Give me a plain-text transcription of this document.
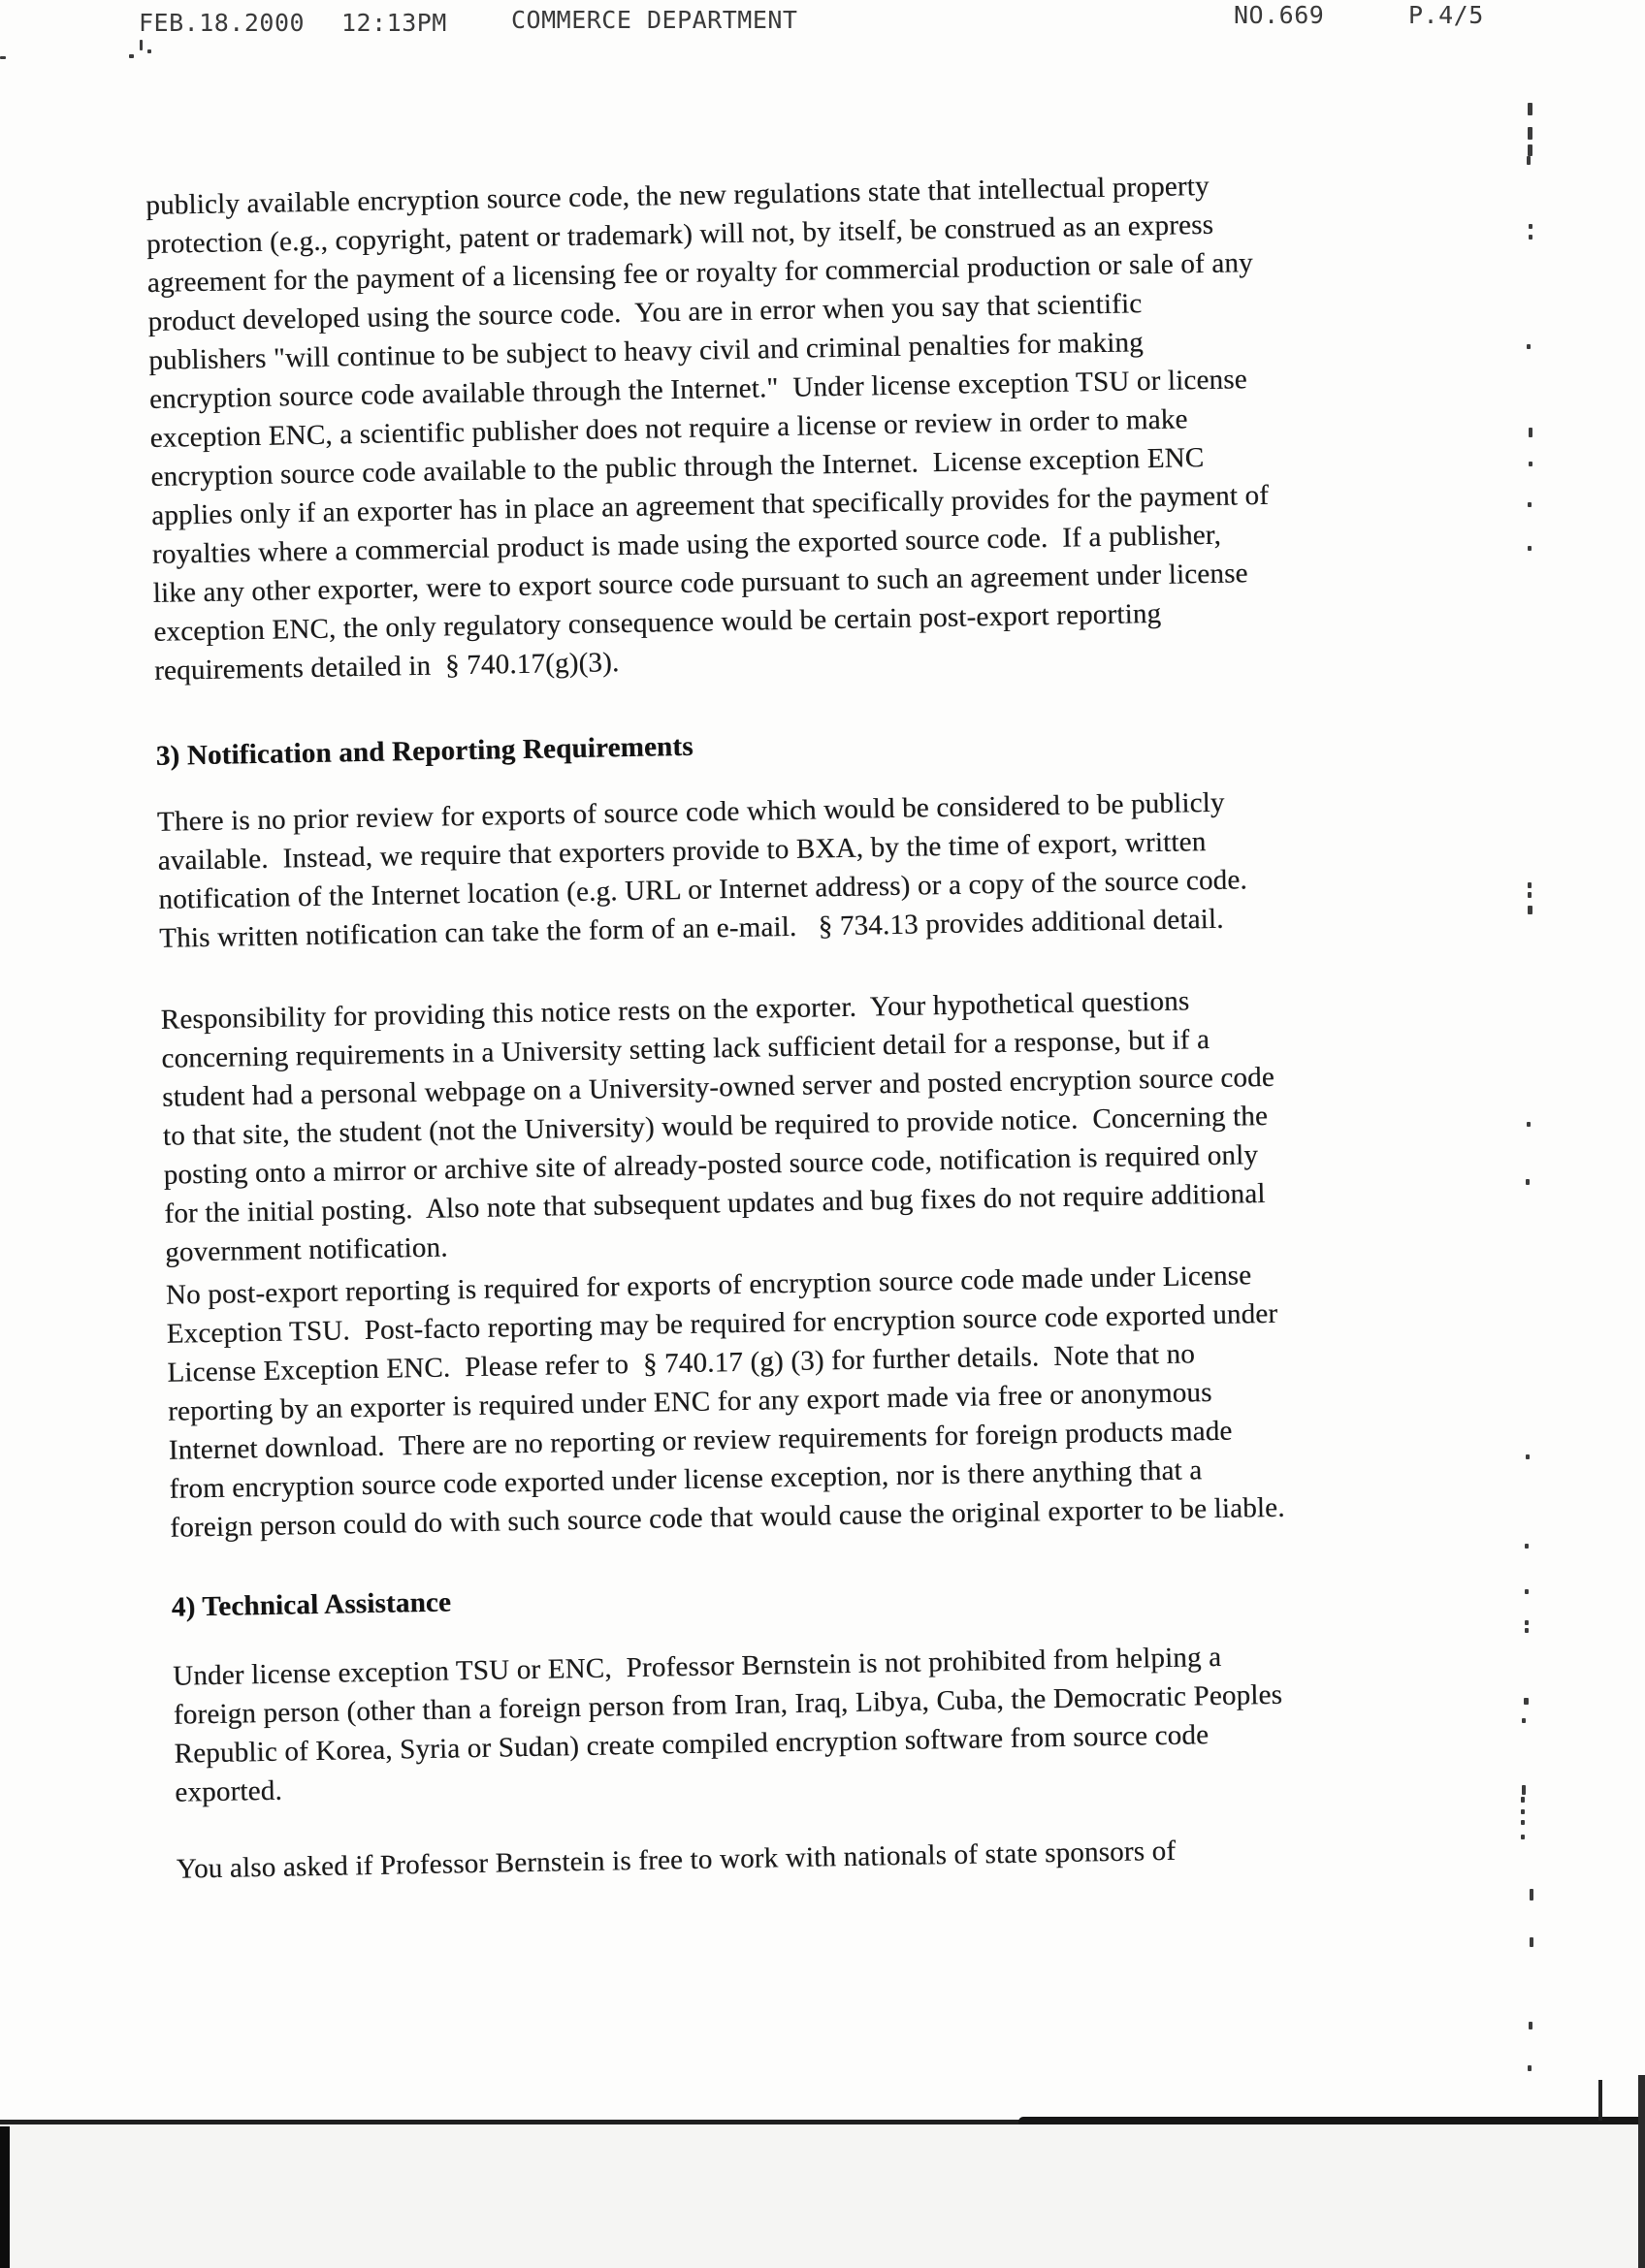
FEB.18.2000 12:13PM	COMMERCE DEPARTMENT	NO.669	P.4/5

publicly available encryption source code, the new regulations state that intellectual property
protection (e.g., copyright, patent or trademark) will not, by itself, be construed as an express
agreement for the payment of a licensing fee or royalty for commercial production or sale of any
product developed using the source code.  You are in error when you say that scientific
publishers "will continue to be subject to heavy civil and criminal penalties for making
encryption source code available through the Internet."  Under license exception TSU or license
exception ENC, a scientific publisher does not require a license or review in order to make
encryption source code available to the public through the Internet.  License exception ENC
applies only if an exporter has in place an agreement that specifically provides for the payment of
royalties where a commercial product is made using the exported source code.  If a publisher,
like any other exporter, were to export source code pursuant to such an agreement under license
exception ENC, the only regulatory consequence would be certain post-export reporting
requirements detailed in  § 740.17(g)(3).

3) Notification and Reporting Requirements

There is no prior review for exports of source code which would be considered to be publicly
available.  Instead, we require that exporters provide to BXA, by the time of export, written
notification of the Internet location (e.g. URL or Internet address) or a copy of the source code.
This written notification can take the form of an e-mail.   § 734.13 provides additional detail.

Responsibility for providing this notice rests on the exporter.  Your hypothetical questions
concerning requirements in a University setting lack sufficient detail for a response, but if a
student had a personal webpage on a University-owned server and posted encryption source code
to that site, the student (not the University) would be required to provide notice.  Concerning the
posting onto a mirror or archive site of already-posted source code, notification is required only
for the initial posting.  Also note that subsequent updates and bug fixes do not require additional
government notification.

No post-export reporting is required for exports of encryption source code made under License
Exception TSU.  Post-facto reporting may be required for encryption source code exported under
License Exception ENC.  Please refer to  § 740.17 (g) (3) for further details.  Note that no
reporting by an exporter is required under ENC for any export made via free or anonymous
Internet download.  There are no reporting or review requirements for foreign products made
from encryption source code exported under license exception, nor is there anything that a
foreign person could do with such source code that would cause the original exporter to be liable.

4) Technical Assistance

Under license exception TSU or ENC,  Professor Bernstein is not prohibited from helping a
foreign person (other than a foreign person from Iran, Iraq, Libya, Cuba, the Democratic Peoples
Republic of Korea, Syria or Sudan) create compiled encryption software from source code
exported.

You also asked if Professor Bernstein is free to work with nationals of state sponsors of
